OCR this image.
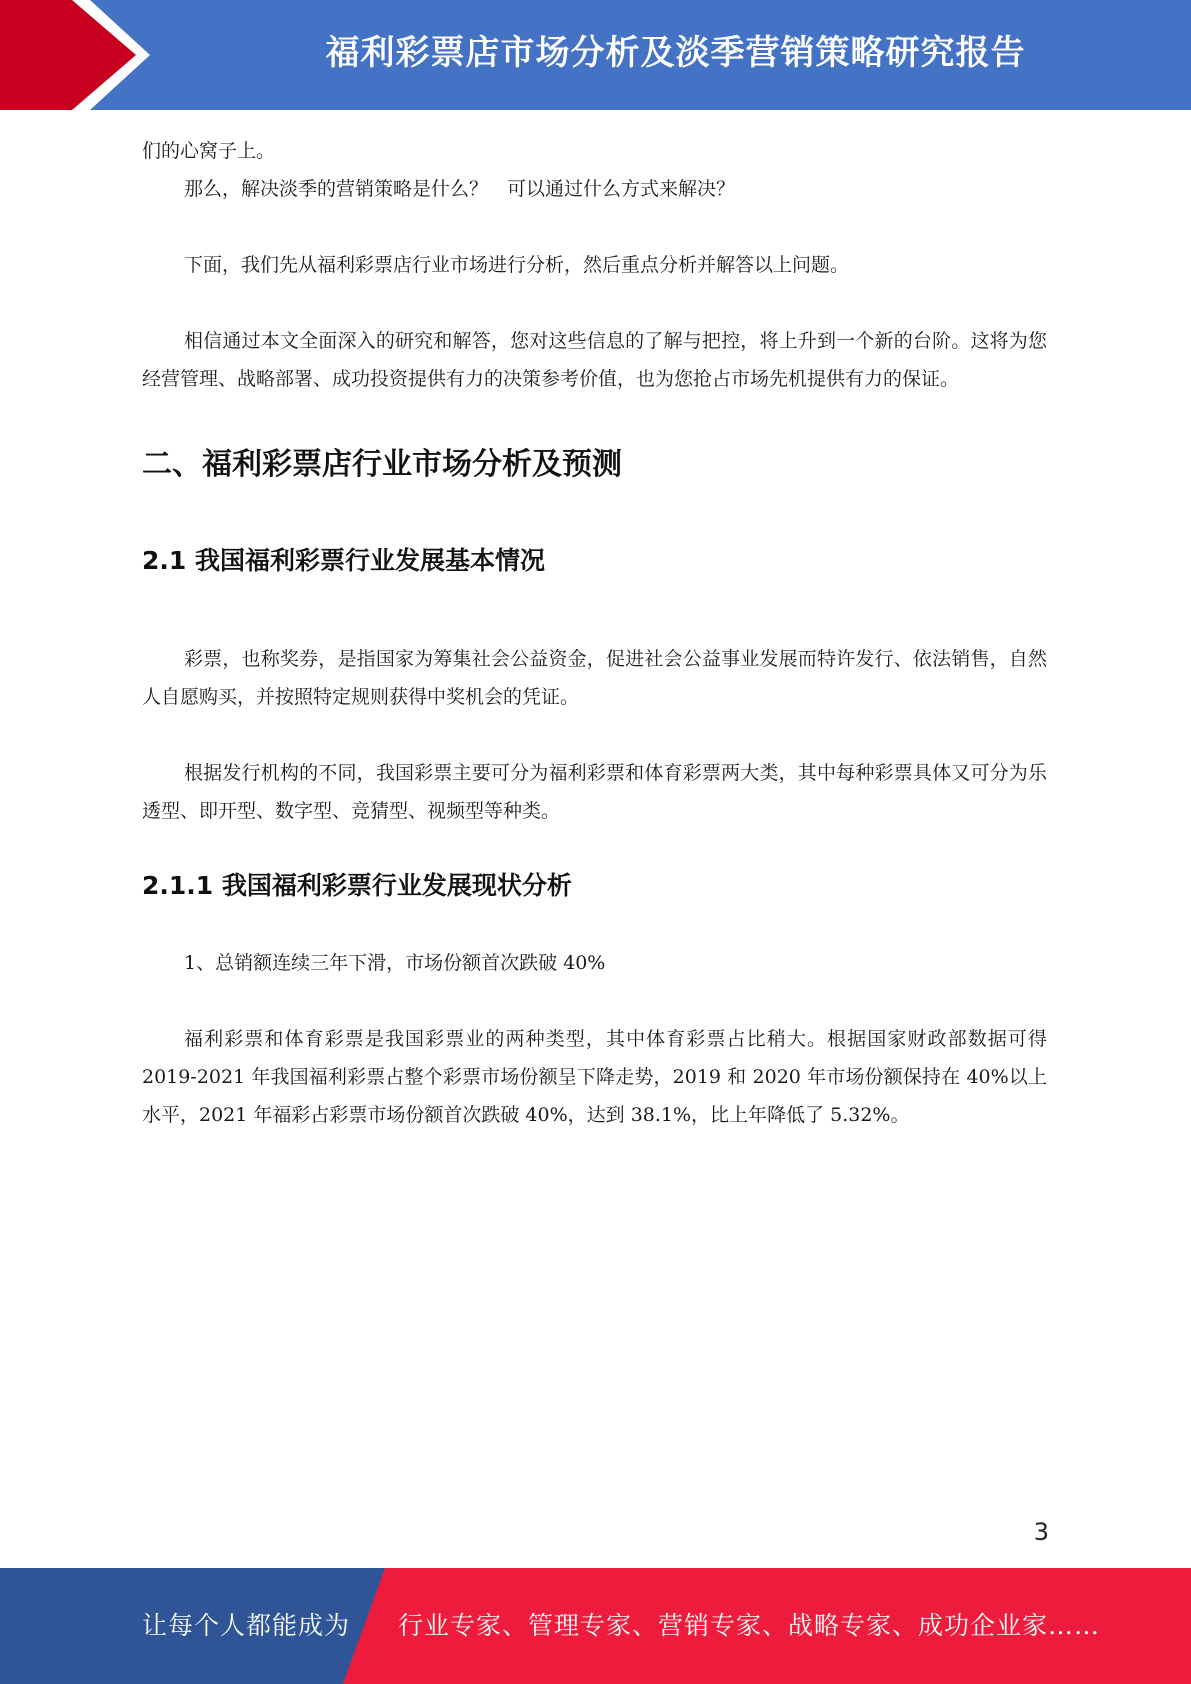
福利彩票店市场分析及淡季营销策略研究报告

们的心窝子上。

那么，解决淡季的营销策略是什么？　可以通过什么方式来解决？

下面，我们先从福利彩票店行业市场进行分析，然后重点分析并解答以上问题。

相信通过本文全面深入的研究和解答，您对这些信息的了解与把控，将上升到一个新的台阶。这将为您经营管理、战略部署、成功投资提供有力的决策参考价值，也为您抢占市场先机提供有力的保证。

二、福利彩票店行业市场分析及预测
2.1 我国福利彩票行业发展基本情况

彩票，也称奖券，是指国家为筹集社会公益资金，促进社会公益事业发展而特许发行、依法销售，自然人自愿购买，并按照特定规则获得中奖机会的凭证。

根据发行机构的不同，我国彩票主要可分为福利彩票和体育彩票两大类，其中每种彩票具体又可分为乐透型、即开型、数字型、竞猜型、视频型等种类。

2.1.1 我国福利彩票行业发展现状分析

1、总销额连续三年下滑，市场份额首次跌破 40%

福利彩票和体育彩票是我国彩票业的两种类型，其中体育彩票占比稍大。根据国家财政部数据可得 2019-2021 年我国福利彩票占整个彩票市场份额呈下降走势，2019 和 2020 年市场份额保持在 40%以上水平，2021 年福彩占彩票市场份额首次跌破 40%，达到 38.1%，比上年降低了 5.32%。

3
让每个人都能成为 行业专家、管理专家、营销专家、战略专家、成功企业家……
